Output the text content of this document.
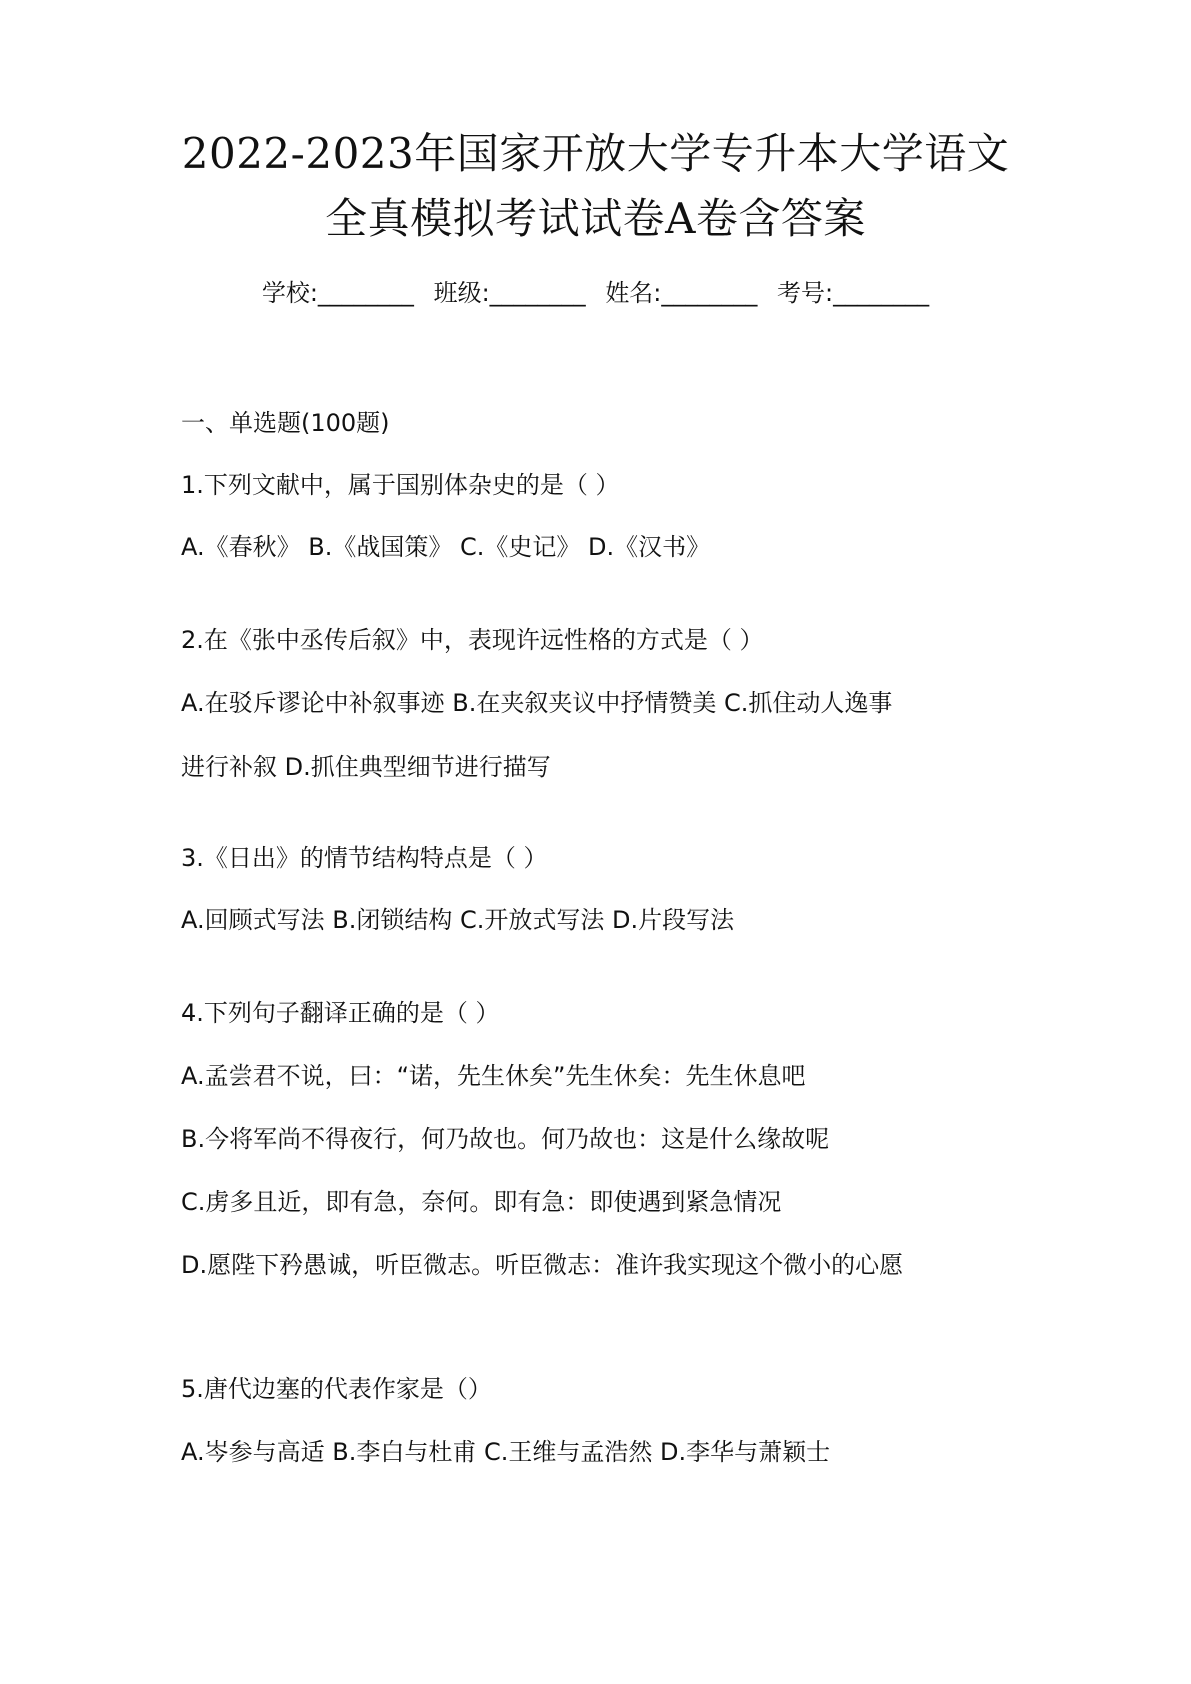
2022-2023年国家开放大学专升本大学语文
全真模拟考试试卷A卷含答案
学校:________ 班级:________ 姓名:________ 考号:________
一、单选题(100题)
1.下列文献中，属于国别体杂史的是（ ）
A.《春秋》 B.《战国策》 C.《史记》 D.《汉书》
2.在《张中丞传后叙》中，表现许远性格的方式是（ ）
A.在驳斥谬论中补叙事迹 B.在夹叙夹议中抒情赞美 C.抓住动人逸事
进行补叙 D.抓住典型细节进行描写
3.《日出》的情节结构特点是（ ）
A.回顾式写法 B.闭锁结构 C.开放式写法 D.片段写法
4.下列句子翻译正确的是（ ）
A.孟尝君不说，曰：“诺，先生休矣”先生休矣：先生休息吧
B.今将军尚不得夜行，何乃故也。何乃故也：这是什么缘故呢
C.虏多且近，即有急，奈何。即有急：即使遇到紧急情况
D.愿陛下矜愚诚，听臣微志。听臣微志：准许我实现这个微小的心愿
5.唐代边塞的代表作家是（）
A.岑参与高适 B.李白与杜甫 C.王维与孟浩然 D.李华与萧颖士
